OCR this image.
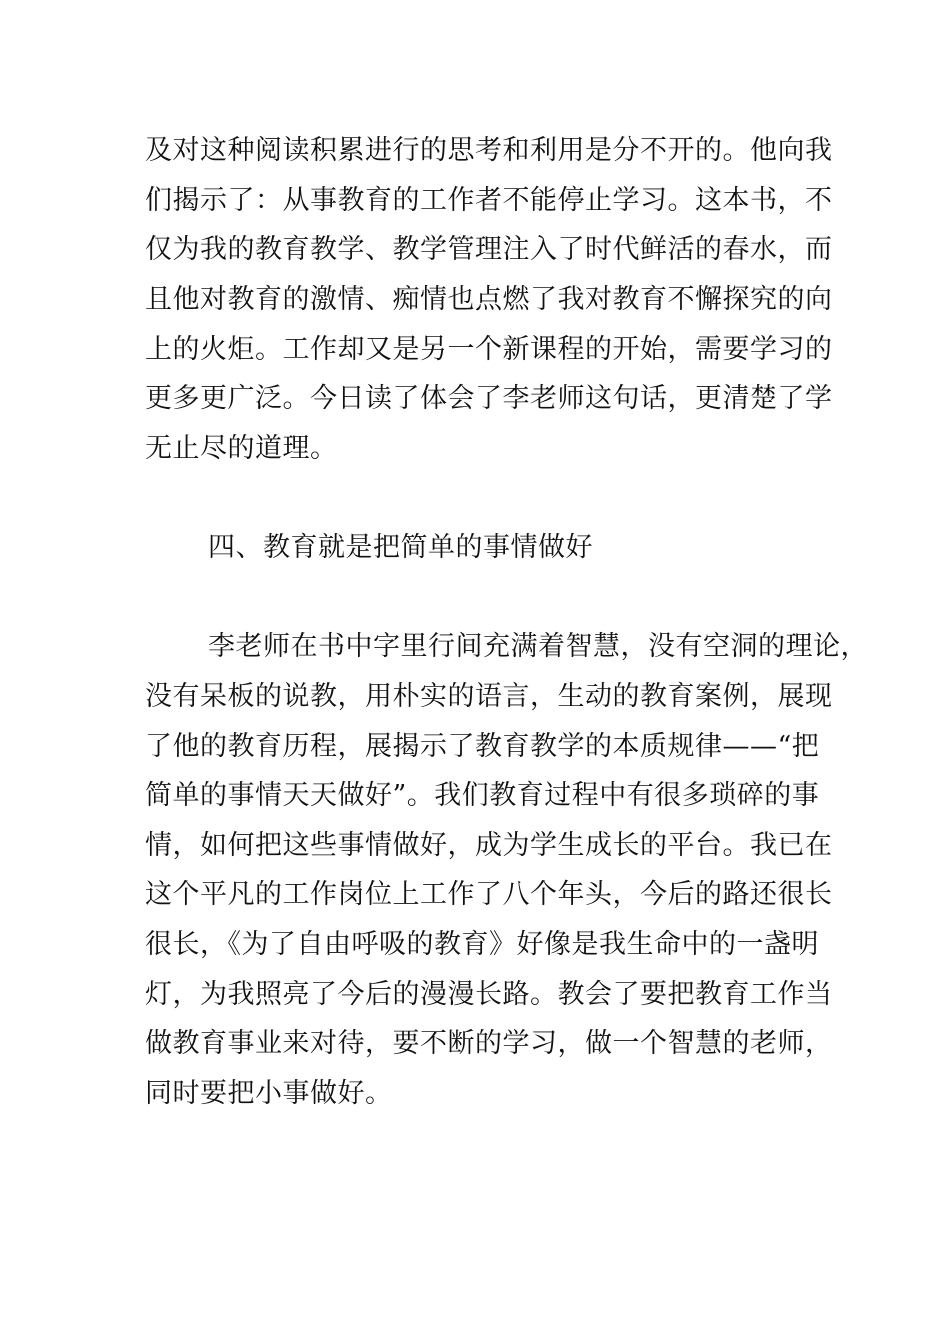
及对这种阅读积累进行的思考和利用是分不开的。他向我
们揭示了：从事教育的工作者不能停止学习。这本书，不
仅为我的教育教学、教学管理注入了时代鲜活的春水，而
且他对教育的激情、痴情也点燃了我对教育不懈探究的向
上的火炬。工作却又是另一个新课程的开始，需要学习的
更多更广泛。今日读了体会了李老师这句话，更清楚了学
无止尽的道理。
四、教育就是把简单的事情做好
李老师在书中字里行间充满着智慧，没有空洞的理论，
没有呆板的说教，用朴实的语言，生动的教育案例，展现
了他的教育历程，展揭示了教育教学的本质规律——“把
简单的事情天天做好”。我们教育过程中有很多琐碎的事
情，如何把这些事情做好，成为学生成长的平台。我已在
这个平凡的工作岗位上工作了八个年头，今后的路还很长
很长，《为了自由呼吸的教育》好像是我生命中的一盏明
灯，为我照亮了今后的漫漫长路。教会了要把教育工作当
做教育事业来对待，要不断的学习，做一个智慧的老师，
同时要把小事做好。
